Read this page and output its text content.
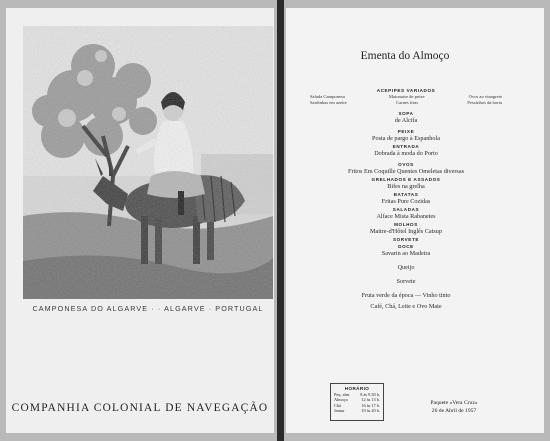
CAMPONESA DO ALGARVE · · ALGARVE · PORTUGAL
COMPANHIA COLONIAL DE NAVEGAÇÃO
Ementa do Almoço
ACEPIPES VARIADOS
Salada Camponesa	Maionaise de peixe	Ovos ao vinagrete
Sardinhas em azeite	Carnes frias	Pesxinhos da horta
SOPA
de Alcifa
PEIXE
Posta de pargo à Espanhola
ENTRADA
Dobrada à moda do Porto
OVOS
Fritos Em Coquille Quentes Omeletas diversas
GRELHADOS E ASSADOS
Bifes na grelha
BATATAS
Fritas Pure Cozidas
SALADAS
Alface Mista Rabanetes
MOLHOS
Maitre-d'Hôtel Inglês Catsup
SORVETE
DOCE
Savarin ao Madeira
Queijo
Sorvete
Fruta verde da época — Vinho tinto
Café, Chá, Leite e Ovo Mate
HORÁRIO
Peq. alm. 8 às 9,30 h.
Almoço	12 às 13 h.
Chá	16 às 17 h.
Jantar	19 às 20 h.
Paquete «Vera Cruz»
26 de Abril de 1957
